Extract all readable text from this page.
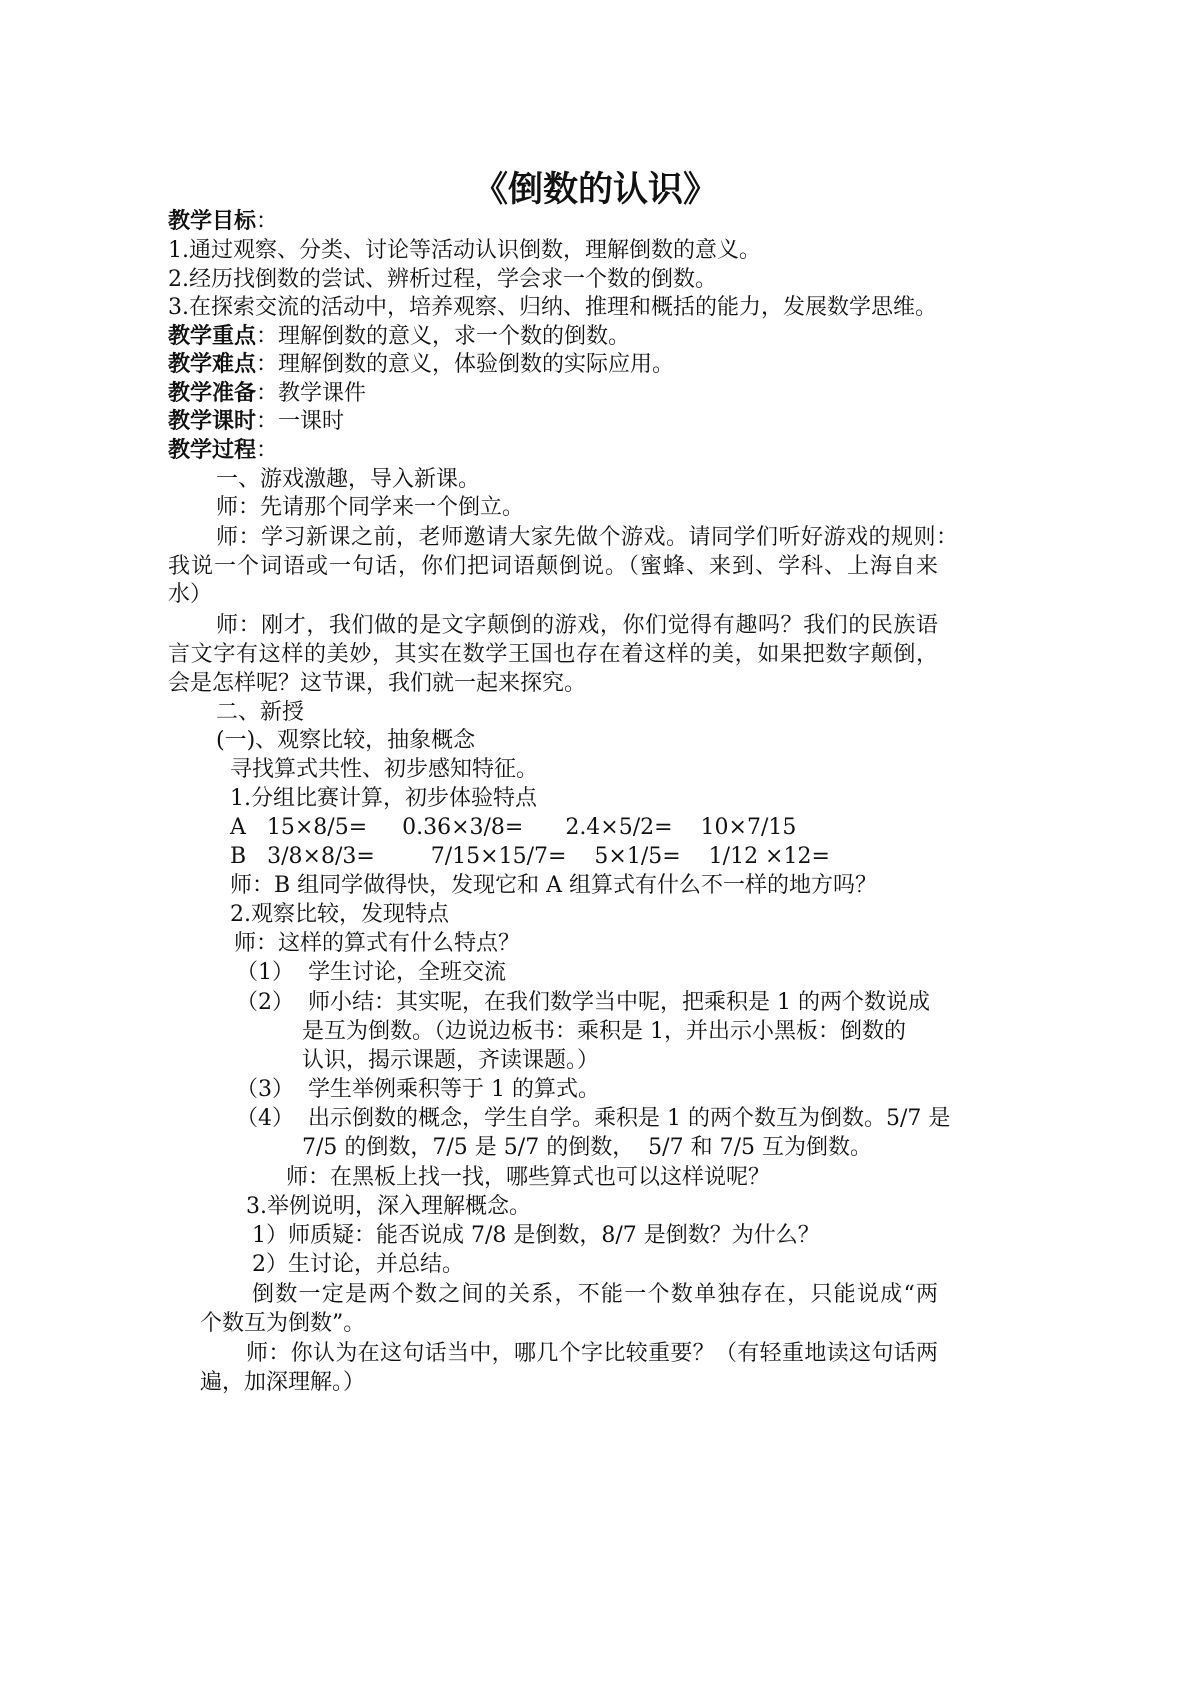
《倒数的认识》
教学目标：
1.通过观察、分类、讨论等活动认识倒数，理解倒数的意义。
2.经历找倒数的尝试、辨析过程，学会求一个数的倒数。
3.在探索交流的活动中，培养观察、归纳、推理和概括的能力，发展数学思维。
教学重点：理解倒数的意义，求一个数的倒数。
教学难点：理解倒数的意义，体验倒数的实际应用。
教学准备：教学课件
教学课时：一课时
教学过程：
一、游戏激趣，导入新课。
师：先请那个同学来一个倒立。
师：学习新课之前，老师邀请大家先做个游戏。请同学们听好游戏的规则：
我说一个词语或一句话，你们把词语颠倒说。（蜜蜂、来到、学科、上海自来
水）
师：刚才，我们做的是文字颠倒的游戏，你们觉得有趣吗？我们的民族语
言文字有这样的美妙，其实在数学王国也存在着这样的美，如果把数字颠倒，
会是怎样呢？这节课，我们就一起来探究。
二、新授
(一)、观察比较，抽象概念
寻找算式共性、初步感知特征。
1.分组比赛计算，初步体验特点
A   15×8/5=     0.36×3/8=      2.4×5/2=    10×7/15
B   3/8×8/3=        7/15×15/7=    5×1/5=    1/12 ×12=
师：B 组同学做得快，发现它和 A 组算式有什么不一样的地方吗？
2.观察比较，发现特点
师：这样的算式有什么特点？
（1）  学生讨论，全班交流
（2）  师小结：其实呢，在我们数学当中呢，把乘积是 1 的两个数说成
是互为倒数。（边说边板书：乘积是 1，并出示小黑板：倒数的
认识，揭示课题，齐读课题。）
（3）  学生举例乘积等于 1 的算式。
（4）  出示倒数的概念，学生自学。乘积是 1 的两个数互为倒数。5/7 是
7/5 的倒数，7/5 是 5/7 的倒数，  5/7 和 7/5 互为倒数。
师：在黑板上找一找，哪些算式也可以这样说呢？
3.举例说明，深入理解概念。
1）师质疑：能否说成 7/8 是倒数，8/7 是倒数？为什么？
2）生讨论，并总结。
倒数一定是两个数之间的关系，不能一个数单独存在，只能说成“两
个数互为倒数”。
师：你认为在这句话当中，哪几个字比较重要？（有轻重地读这句话两
遍，加深理解。）
